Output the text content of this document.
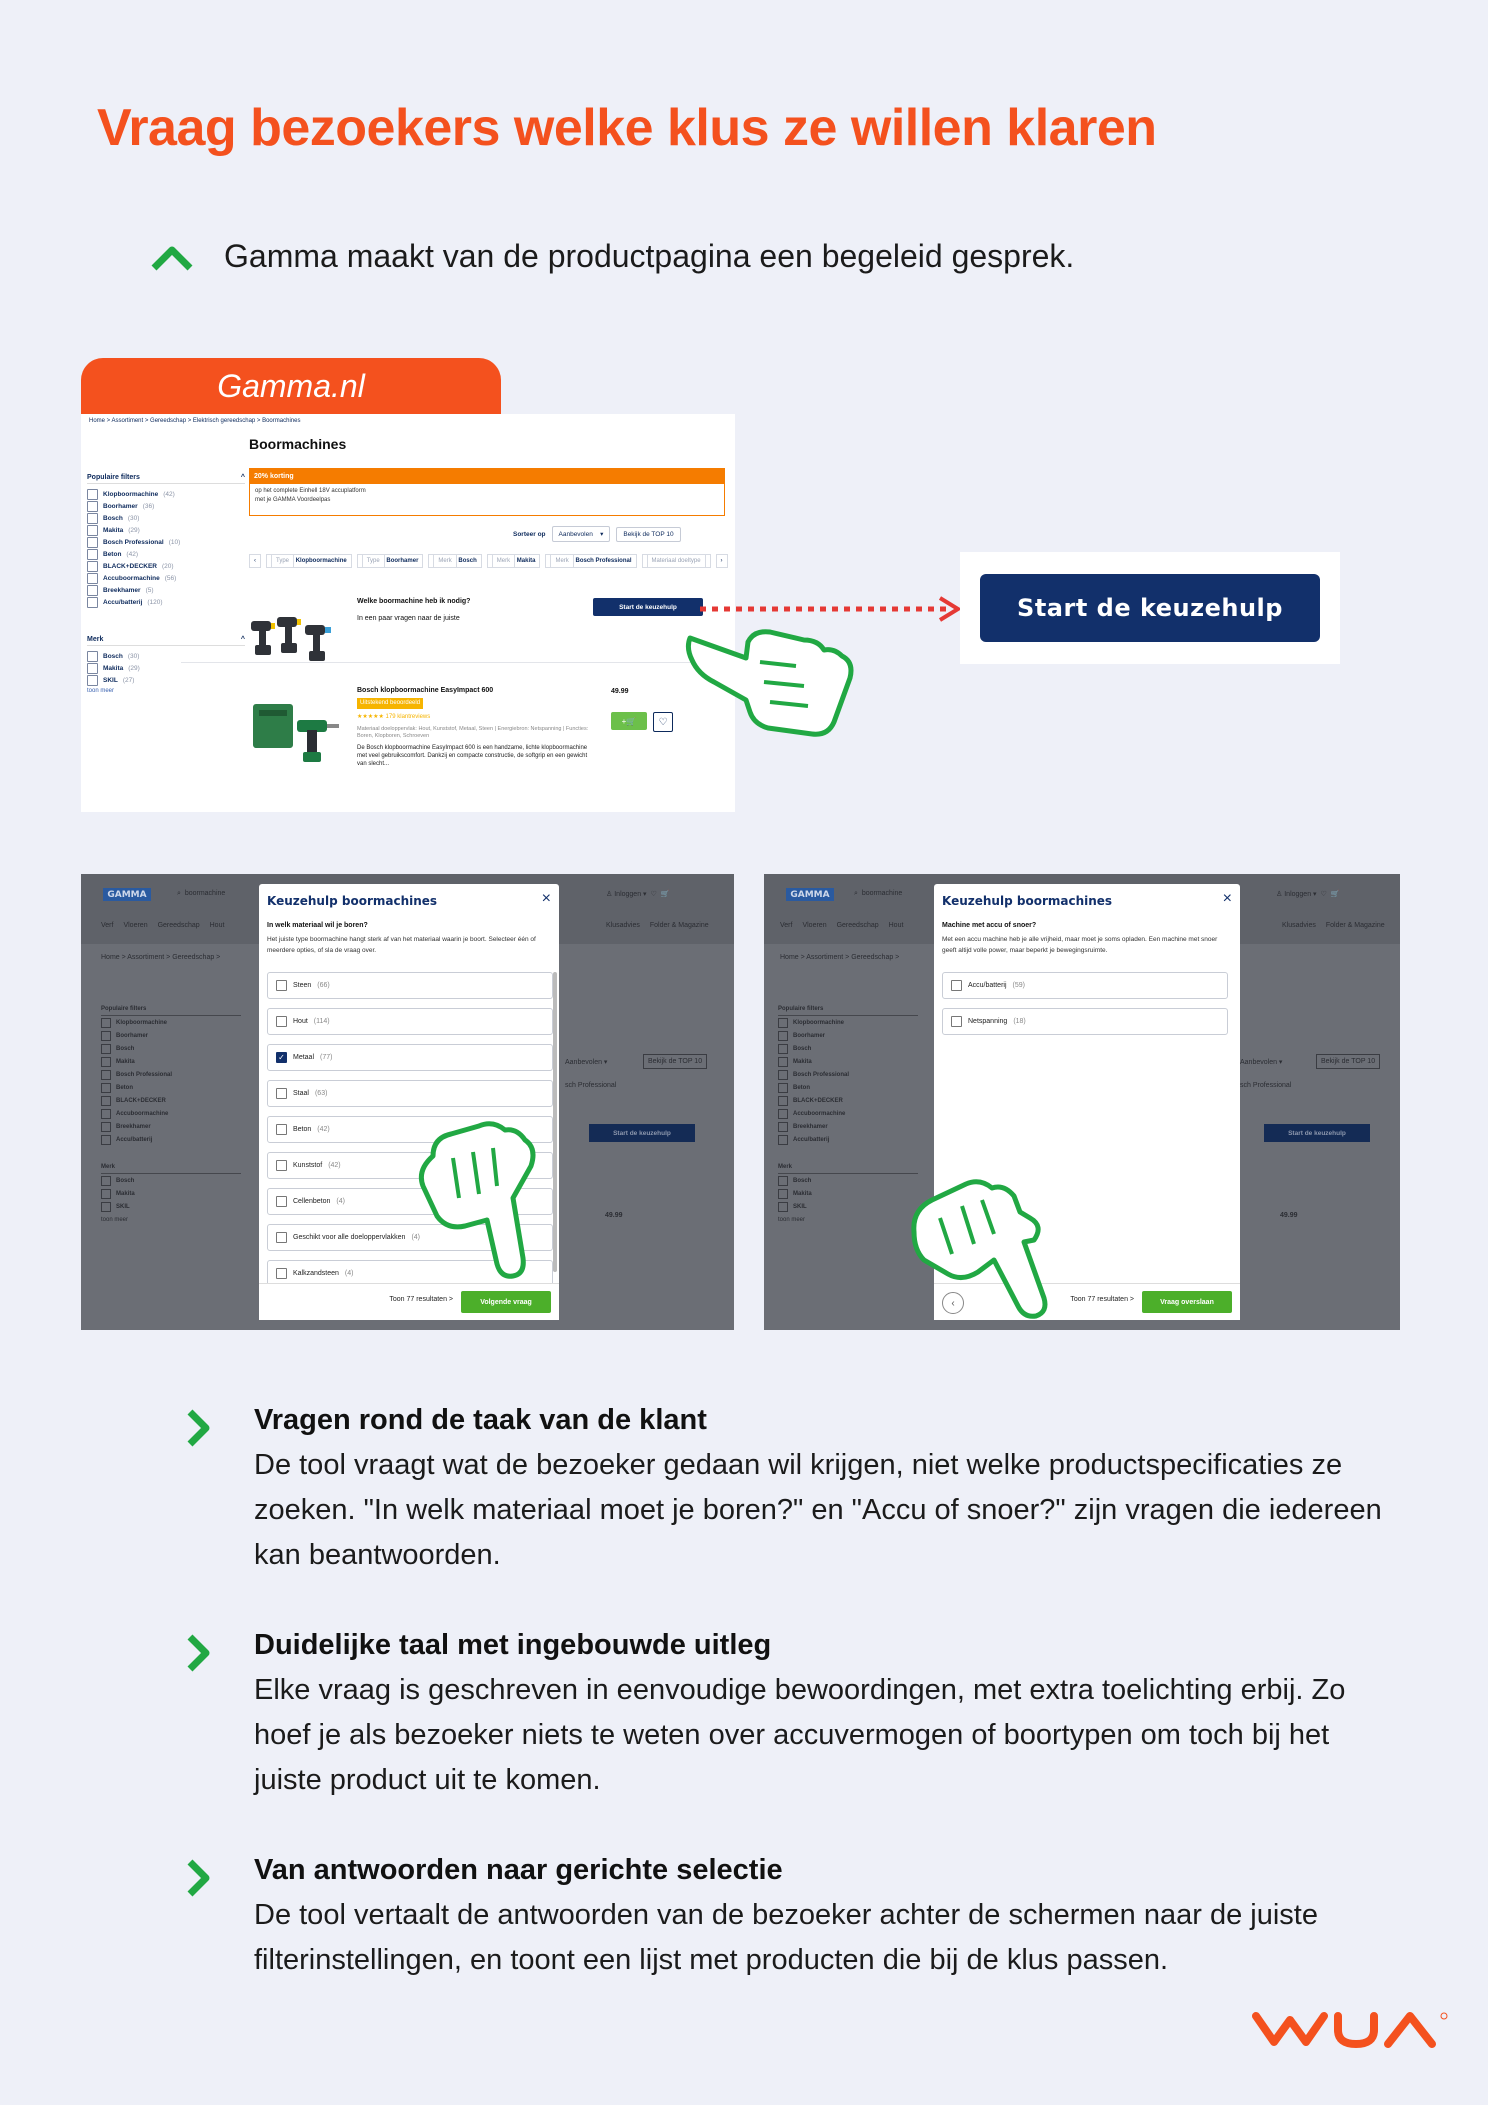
Vraag bezoekers welke klus ze willen klaren
Gamma maakt van de productpagina een begeleid gesprek.
Gamma.nl
Home > Assortiment > Gereedschap > Elektrisch gereedschap > Boormachines
Boormachines
Populaire filters	^
Klopboormachine (42)
Boorhamer (36)
Bosch (30)
Makita (29)
Bosch Professional (10)
Beton (42)
BLACK+DECKER (20)
Accuboormachine (56)
Breekhamer (5)
Accu/batterij (120)
Merk	^
Bosch (30)
Makita (29)
SKIL (27)
toon meer
20% korting
op het complete Einhell 18V accuplatform
met je GAMMA Voordeelpas
Sorteer op	Aanbevolen    ▾	Bekijk de TOP 10
‹	Type Klopboormachine	Type Boorhamer	Merk Bosch	Merk Makita	Merk Bosch Professional	Materiaal doeltype	›
Welke boormachine heb ik nodig?
In een paar vragen naar de juiste
Start de keuzehulp
Bosch klopboormachine EasyImpact 600
Uitstekend beoordeeld
★★★★★ 179 klantreviews
Materiaal doeloppervlak: Hout, Kunststof, Metaal, Steen | Energiebron: Netspanning | Functies: Boren, Klopboren, Schroeven
De Bosch klopboormachine EasyImpact 600 is een handzame, lichte klopboormachine met veel gebruikscomfort. Dankzij en compacte constructie, de softgrip en een gewicht van slecht...
49.99
+🛒	♡
Start de keuzehulp
GAMMA	⌕  boormachine
Verf Vloeren Gereedschap Hout
Home > Assortiment > Gereedschap >
♙ Inloggen ▾  ♡  🛒
Klusadvies Folder & Magazine
Populaire filters
Klopboormachine
Boorhamer
Bosch
Makita
Bosch Professional
Beton
BLACK+DECKER
Accuboormachine
Breekhamer
Accu/batterij
Merk
Bosch
Makita
SKIL
toon meer
Aanbevolen ▾	Bekijk de TOP 10
sch Professional
Start de keuzehulp
49.99
Keuzehulp boormachines	×
In welk materiaal wil je boren?
Het juiste type boormachine hangt sterk af van het materiaal waarin je boort. Selecteer één of meerdere opties, of sla de vraag over.
Steen (66)
Hout (114)
✓	Metaal (77)
Staal (63)
Beton (42)
Kunststof (42)
Cellenbeton (4)
Geschikt voor alle doeloppervlakken (4)
Kalkzandsteen (4)
Toon 77 resultaten >	Volgende vraag
GAMMA	⌕  boormachine
Verf Vloeren Gereedschap Hout
Home > Assortiment > Gereedschap >
♙ Inloggen ▾  ♡  🛒
Klusadvies Folder & Magazine
Populaire filters
Klopboormachine
Boorhamer
Bosch
Makita
Bosch Professional
Beton
BLACK+DECKER
Accuboormachine
Breekhamer
Accu/batterij
Merk
Bosch
Makita
SKIL
toon meer
Aanbevolen ▾	Bekijk de TOP 10
sch Professional
Start de keuzehulp
49.99
Keuzehulp boormachines	×
Machine met accu of snoer?
Met een accu machine heb je alle vrijheid, maar moet je soms opladen. Een machine met snoer geeft altijd volle power, maar beperkt je bewegingsruimte.
Accu/batterij (59)
Netspanning (18)
‹	Toon 77 resultaten >	Vraag overslaan
Vragen rond de taak van de klant

De tool vraagt wat de bezoeker gedaan wil krijgen, niet welke productspecificaties ze zoeken. "In welk materiaal moet je boren?" en "Accu of snoer?" zijn vragen die iedereen kan beantwoorden.

Duidelijke taal met ingebouwde uitleg

Elke vraag is geschreven in eenvoudige bewoordingen, met extra toelichting erbij. Zo hoef je als bezoeker niets te weten over accuvermogen of boortypen om toch bij het juiste product uit te komen.

Van antwoorden naar gerichte selectie

De tool vertaalt de antwoorden van de bezoeker achter de schermen naar de juiste filterinstellingen, en toont een lijst met producten die bij de klus passen.
